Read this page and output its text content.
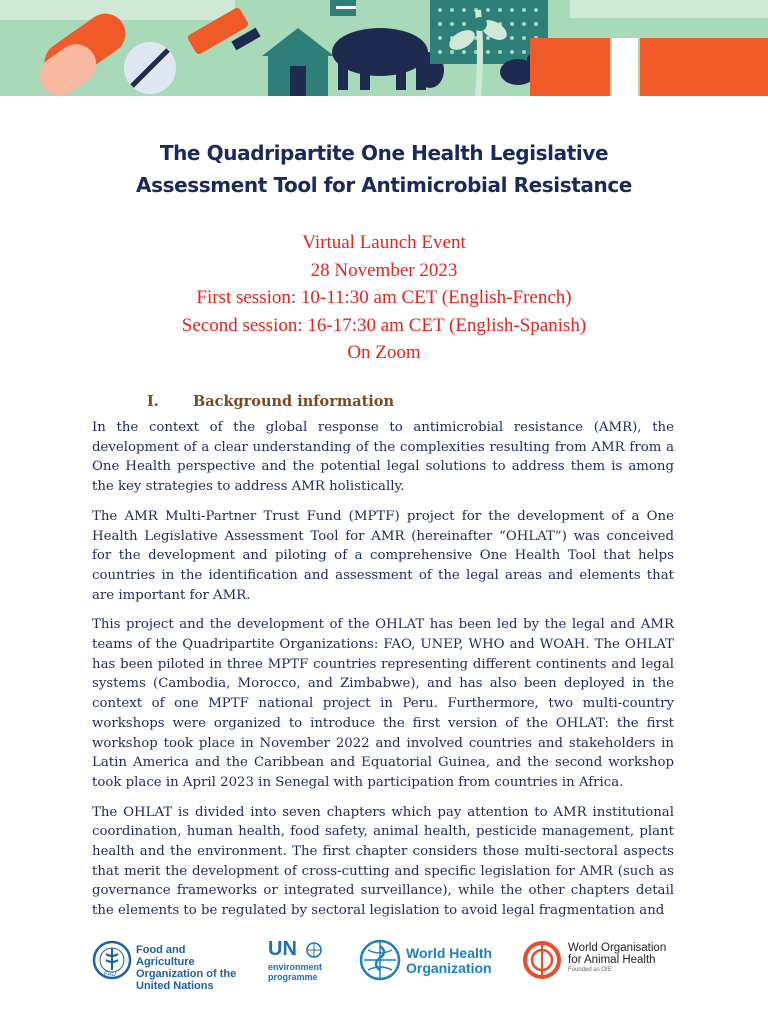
The Quadripartite One Health Legislative
Assessment Tool for Antimicrobial Resistance
Virtual Launch Event
28 November 2023
First session: 10-11:30 am CET (English-French)
Second session: 16-17:30 am CET (English-Spanish)
On Zoom
I. Background information

In the context of the global response to antimicrobial resistance (AMR), the development of a clear understanding of the complexities resulting from AMR from a One Health perspective and the potential legal solutions to address them is among the key strategies to address AMR holistically.

The AMR Multi-Partner Trust Fund (MPTF) project for the development of a One Health Legislative Assessment Tool for AMR (hereinafter “OHLAT”) was conceived for the development and piloting of a comprehensive One Health Tool that helps countries in the identification and assessment of the legal areas and elements that are important for AMR.

This project and the development of the OHLAT has been led by the legal and AMR teams of the Quadripartite Organizations: FAO, UNEP, WHO and WOAH. The OHLAT has been piloted in three MPTF countries representing different continents and legal systems (Cambodia, Morocco, and Zimbabwe), and has also been deployed in the context of one MPTF national project in Peru. Furthermore, two multi-country workshops were organized to introduce the first version of the OHLAT: the first workshop took place in November 2022 and involved countries and stakeholders in Latin America and the Caribbean and Equatorial Guinea, and the second workshop took place in April 2023 in Senegal with participation from countries in Africa.

The OHLAT is divided into seven chapters which pay attention to AMR institutional coordination, human health, food safety, animal health, pesticide management, plant health and the environment. The first chapter considers those multi-sectoral aspects that merit the development of cross-cutting and specific legislation for AMR (such as governance frameworks or integrated surveillance), while the other chapters detail the elements to be regulated by sectoral legislation to avoid legal fragmentation and

FAO
Food and Agriculture
Organization of the
United Nations
UN
environment
programme
World Health
Organization
World Organisation
for Animal Health
Founded as OIE
